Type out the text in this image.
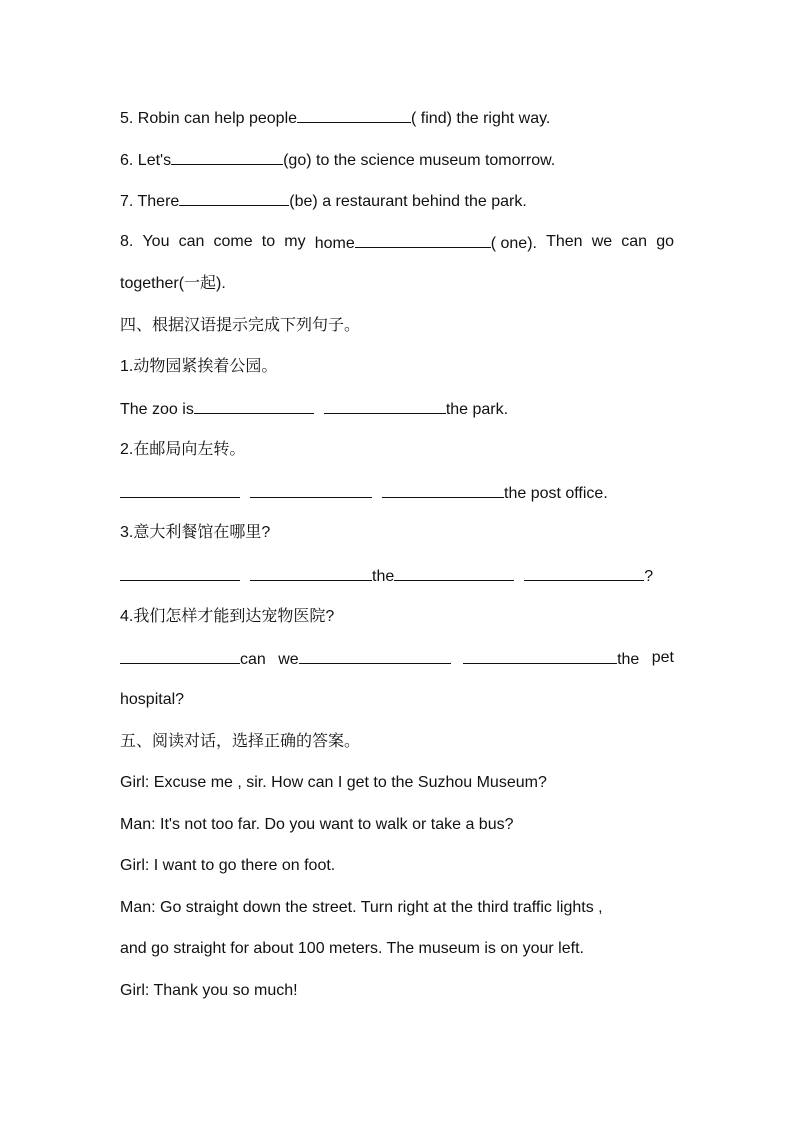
5. Robin can help people	( find) the right way.
6. Let's	(go) to the science museum tomorrow.
7. There	(be) a restaurant behind the park.
8. You can come to my home	( one). Then we can go
together(一起).
四、根据汉语提示完成下列句子。
1.动物园紧挨着公园。
The zoo is	the park.
2.在邮局向左转。
the post office.
3.意大利餐馆在哪里?
the	?
4.我们怎样才能到达宠物医院?
can we	the pet
hospital?
五、阅读对话，选择正确的答案。
Girl: Excuse me , sir. How can I get to the Suzhou Museum?
Man: It's not too far. Do you want to walk or take a bus?
Girl: I want to go there on foot.
Man: Go straight down the street. Turn right at the third traffic lights ,
and go straight for about 100 meters. The museum is on your left.
Girl: Thank you so much!
